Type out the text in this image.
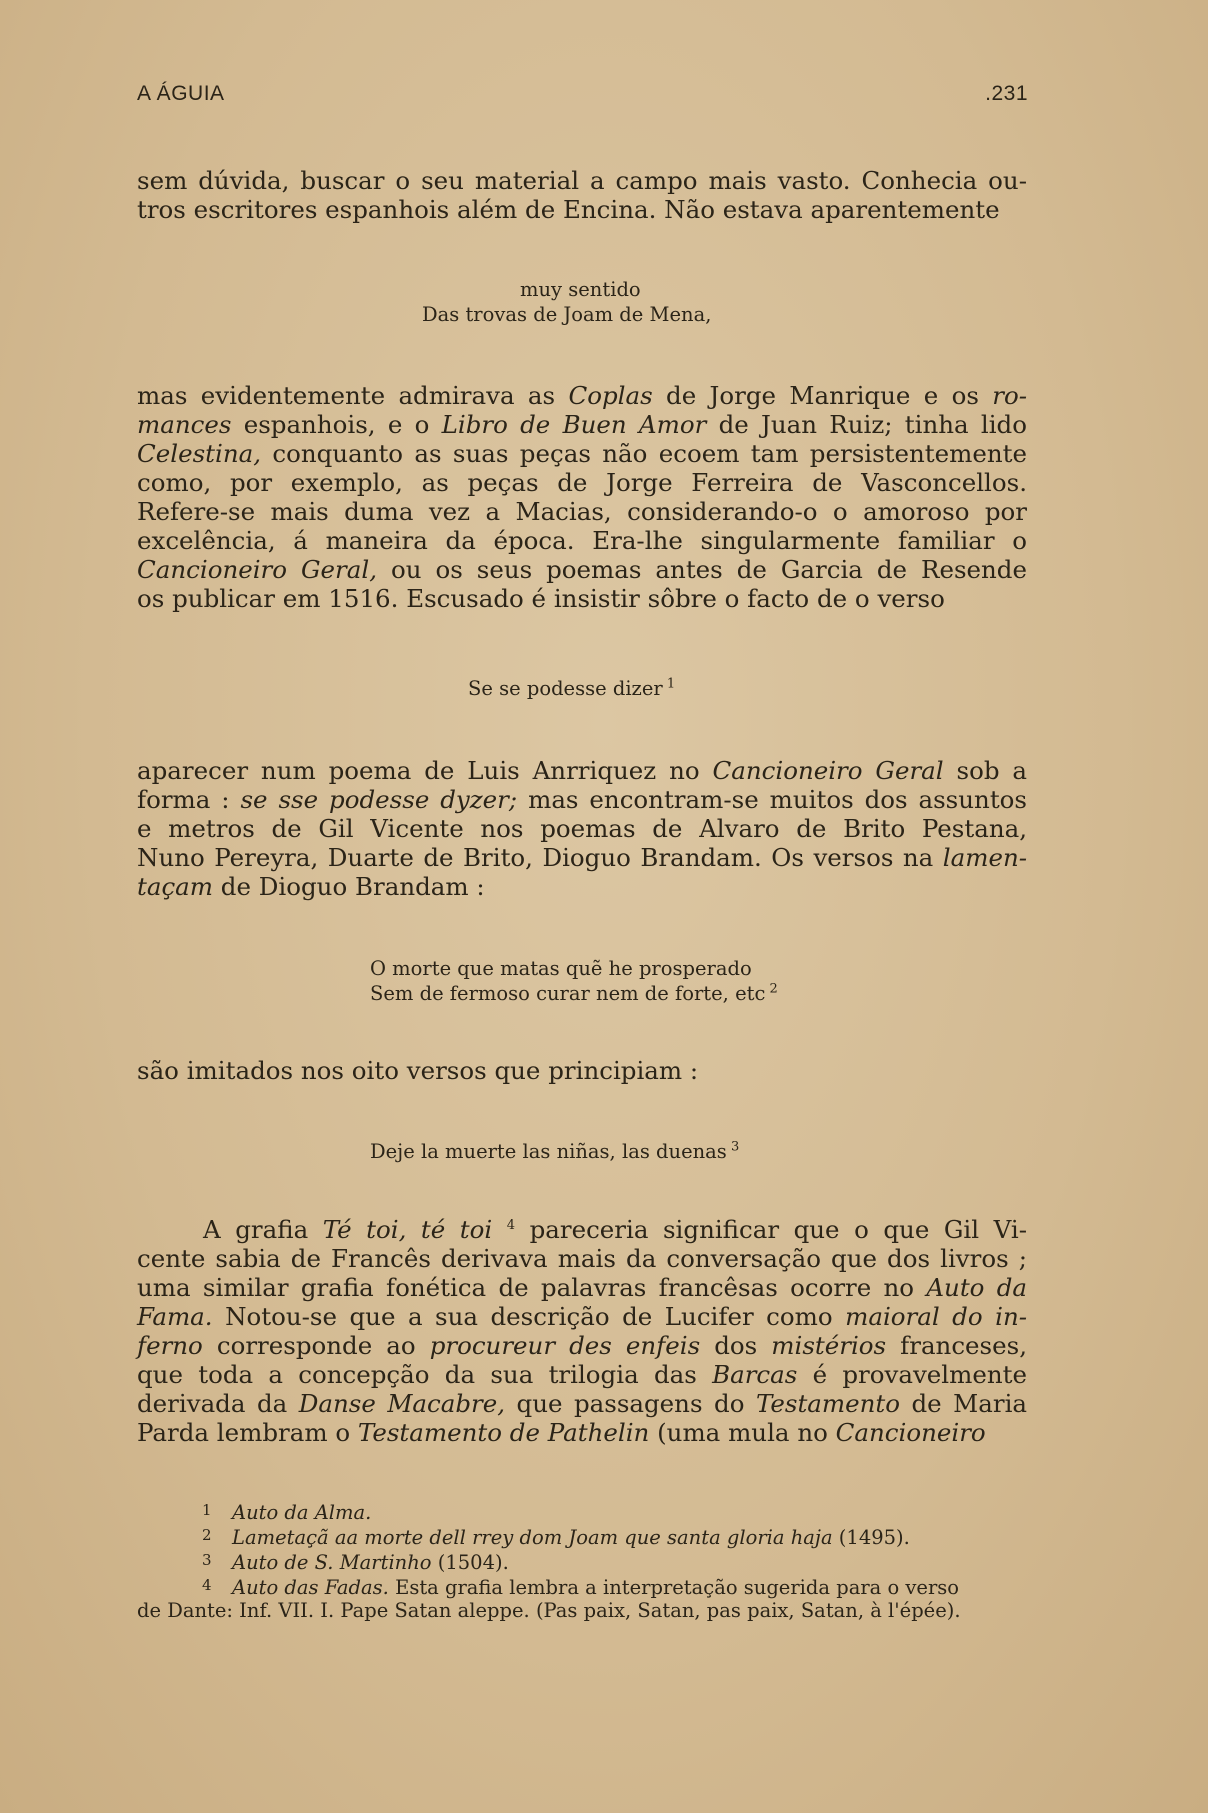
A ÁGUIA	.231
sem dúvida, buscar o seu material a campo mais vasto. Conhecia ou-
tros escritores espanhois além de Encina. Não estava aparentemente
muy sentido
Das trovas de Joam de Mena,
mas evidentemente admirava as Coplas de Jorge Manrique e os ro-
mances espanhois, e o Libro de Buen Amor de Juan Ruiz; tinha lido
Celestina, conquanto as suas peças não ecoem tam persistentemente
como, por exemplo, as peças de Jorge Ferreira de Vasconcellos.
Refere-se mais duma vez a Macias, considerando-o o amoroso por
excelência, á maneira da época. Era-lhe singularmente familiar o
Cancioneiro Geral, ou os seus poemas antes de Garcia de Resende
os publicar em 1516. Escusado é insistir sôbre o facto de o verso
Se se podesse dizer $^1$
aparecer num poema de Luis Anrriquez no Cancioneiro Geral sob a
forma : se sse podesse dyzer; mas encontram-se muitos dos assuntos
e metros de Gil Vicente nos poemas de Alvaro de Brito Pestana,
Nuno Pereyra, Duarte de Brito, Dioguo Brandam. Os versos na lamen-
taçam de Dioguo Brandam :
O morte que matas quẽ he prosperado
Sem de fermoso curar nem de forte, etc $^2$
são imitados nos oito versos que principiam :
Deje la muerte las niñas, las duenas $^3$
A grafia Té toi, té toi $^4$ pareceria significar que o que Gil Vi-
cente sabia de Francês derivava mais da conversação que dos livros ;
uma similar grafia fonética de palavras francêsas ocorre no Auto da
Fama. Notou-se que a sua descrição de Lucifer como maioral do in-
ferno corresponde ao procureur des enfeis dos mistérios franceses,
que toda a concepção da sua trilogia das Barcas é provavelmente
derivada da Danse Macabre, que passagens do Testamento de Maria
Parda lembram o Testamento de Pathelin (uma mula no Cancioneiro
1 Auto da Alma.
2 Lametaçã aa morte dell rrey dom Joam que santa gloria haja (1495).
3 Auto de S. Martinho (1504).
4 Auto das Fadas. Esta grafia lembra a interpretação sugerida para o verso
de Dante: Inf. VII. I. Pape Satan aleppe. (Pas paix, Satan, pas paix, Satan, à l'épée).
